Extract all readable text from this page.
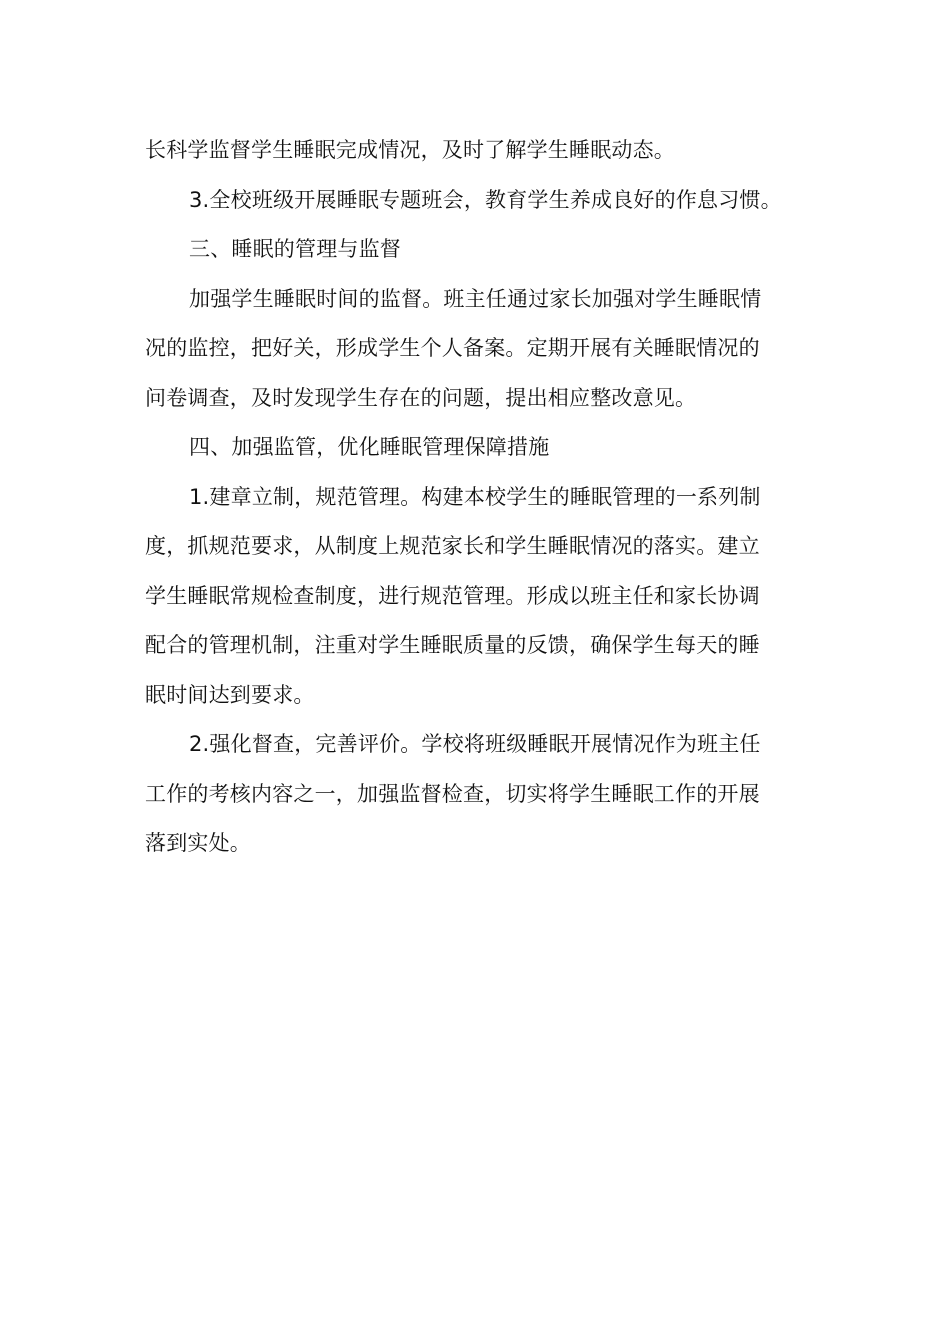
长科学监督学生睡眠完成情况，及时了解学生睡眠动态。
3.全校班级开展睡眠专题班会，教育学生养成良好的作息习惯。
三、睡眠的管理与监督
加强学生睡眠时间的监督。班主任通过家长加强对学生睡眠情
况的监控，把好关，形成学生个人备案。定期开展有关睡眠情况的
问卷调查，及时发现学生存在的问题，提出相应整改意见。
四、加强监管，优化睡眠管理保障措施
1.建章立制，规范管理。构建本校学生的睡眠管理的一系列制
度，抓规范要求，从制度上规范家长和学生睡眠情况的落实。建立
学生睡眠常规检查制度，进行规范管理。形成以班主任和家长协调
配合的管理机制，注重对学生睡眠质量的反馈，确保学生每天的睡
眠时间达到要求。
2.强化督查，完善评价。学校将班级睡眠开展情况作为班主任
工作的考核内容之一，加强监督检查，切实将学生睡眠工作的开展
落到实处。
